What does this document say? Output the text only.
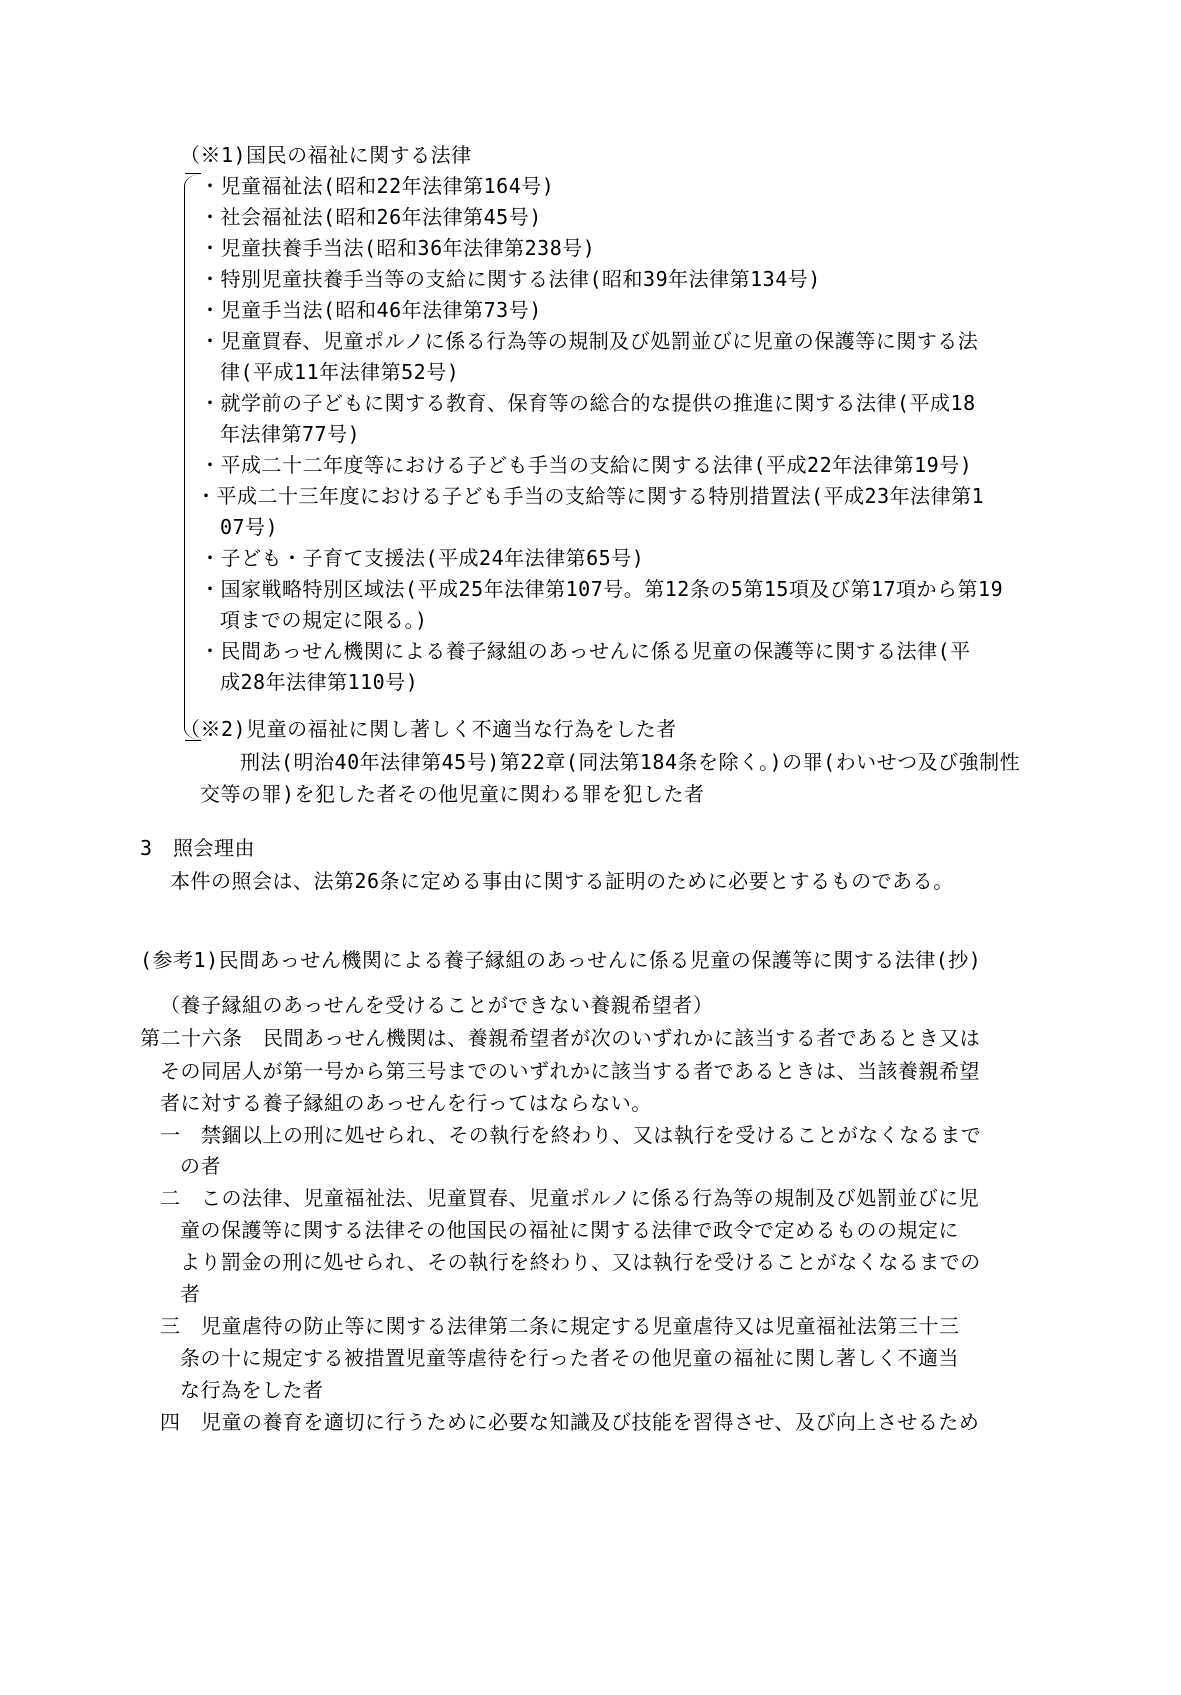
（※1)国民の福祉に関する法律
・児童福祉法(昭和22年法律第164号)
・社会福祉法(昭和26年法律第45号)
・児童扶養手当法(昭和36年法律第238号)
・特別児童扶養手当等の支給に関する法律(昭和39年法律第134号)
・児童手当法(昭和46年法律第73号)
・児童買春、児童ポルノに係る行為等の規制及び処罰並びに児童の保護等に関する法
律(平成11年法律第52号)
・就学前の子どもに関する教育、保育等の総合的な提供の推進に関する法律(平成18
年法律第77号)
・平成二十二年度等における子ども手当の支給に関する法律(平成22年法律第19号)
・平成二十三年度における子ども手当の支給等に関する特別措置法(平成23年法律第1
07号)
・子ども・子育て支援法(平成24年法律第65号)
・国家戦略特別区域法(平成25年法律第107号。第12条の5第15項及び第17項から第19
項までの規定に限る。)
・民間あっせん機関による養子縁組のあっせんに係る児童の保護等に関する法律(平
成28年法律第110号)
（※2)児童の福祉に関し著しく不適当な行為をした者
刑法(明治40年法律第45号)第22章(同法第184条を除く。)の罪(わいせつ及び強制性
交等の罪)を犯した者その他児童に関わる罪を犯した者
3　照会理由
本件の照会は、法第26条に定める事由に関する証明のために必要とするものである。
(参考1)民間あっせん機関による養子縁組のあっせんに係る児童の保護等に関する法律(抄)
（養子縁組のあっせんを受けることができない養親希望者）
第二十六条　民間あっせん機関は、養親希望者が次のいずれかに該当する者であるとき又は
その同居人が第一号から第三号までのいずれかに該当する者であるときは、当該養親希望
者に対する養子縁組のあっせんを行ってはならない。
一　禁錮以上の刑に処せられ、その執行を終わり、又は執行を受けることがなくなるまで
の者
二　この法律、児童福祉法、児童買春、児童ポルノに係る行為等の規制及び処罰並びに児
童の保護等に関する法律その他国民の福祉に関する法律で政令で定めるものの規定に
より罰金の刑に処せられ、その執行を終わり、又は執行を受けることがなくなるまでの
者
三　児童虐待の防止等に関する法律第二条に規定する児童虐待又は児童福祉法第三十三
条の十に規定する被措置児童等虐待を行った者その他児童の福祉に関し著しく不適当
な行為をした者
四　児童の養育を適切に行うために必要な知識及び技能を習得させ、及び向上させるため
